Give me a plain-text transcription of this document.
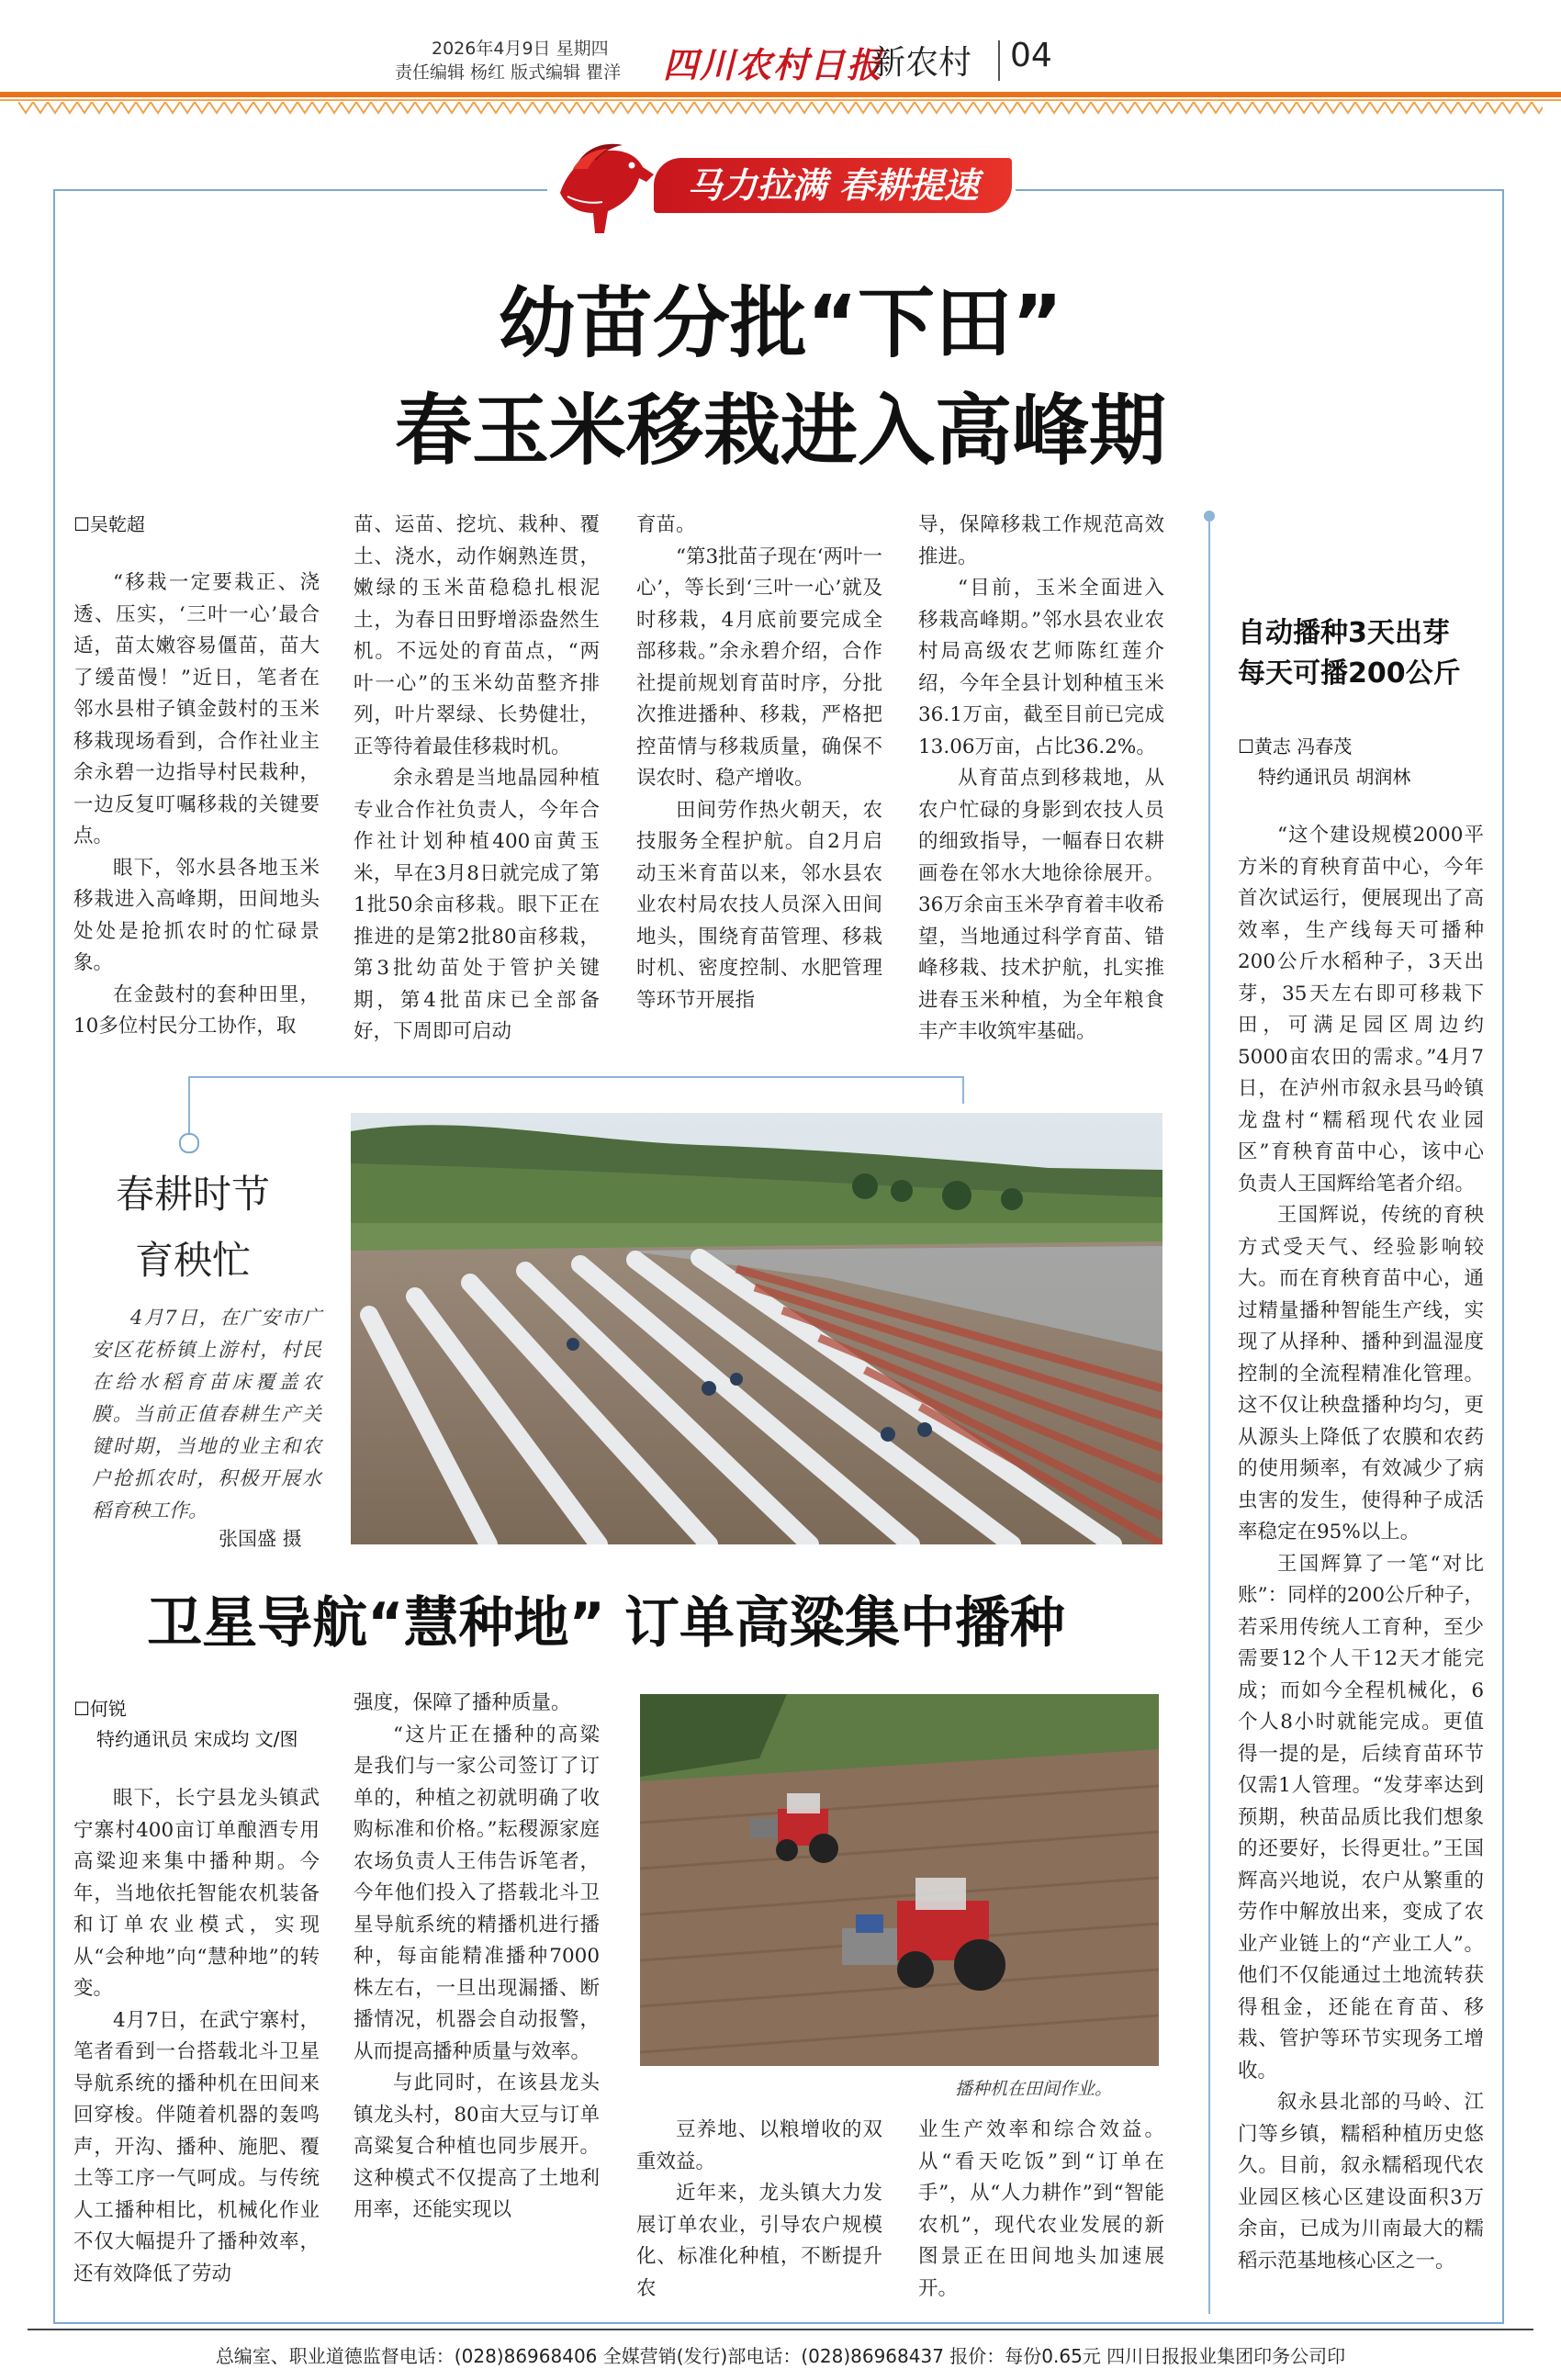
2026年4月9日 星期四
责任编辑 杨红 版式编辑 瞿洋 四川农村日报
新农村 04
马力拉满 春耕提速
幼苗分批“下田”
春玉米移栽进入高峰期
☐吴乾超

“移栽一定要栽正、浇透、压实，‘三叶一心’最合适，苗太嫩容易僵苗，苗大了缓苗慢！”近日，笔者在邻水县柑子镇金鼓村的玉米移栽现场看到，合作社业主余永碧一边指导村民栽种，一边反复叮嘱移栽的关键要点。

眼下，邻水县各地玉米移栽进入高峰期，田间地头处处是抢抓农时的忙碌景象。

在金鼓村的套种田里，10多位村民分工协作，取

苗、运苗、挖坑、栽种、覆土、浇水，动作娴熟连贯，嫩绿的玉米苗稳稳扎根泥土，为春日田野增添盎然生机。不远处的育苗点，“两叶一心”的玉米幼苗整齐排列，叶片翠绿、长势健壮，正等待着最佳移栽时机。

余永碧是当地晶园种植专业合作社负责人，今年合作社计划种植400亩黄玉米，早在3月8日就完成了第1批50余亩移栽。眼下正在推进的是第2批80亩移栽，第3批幼苗处于管护关键期，第4批苗床已全部备好，下周即可启动

育苗。

“第3批苗子现在‘两叶一心’，等长到‘三叶一心’就及时移栽，4月底前要完成全部移栽。”余永碧介绍，合作社提前规划育苗时序，分批次推进播种、移栽，严格把控苗情与移栽质量，确保不误农时、稳产增收。

田间劳作热火朝天，农技服务全程护航。自2月启动玉米育苗以来，邻水县农业农村局农技人员深入田间地头，围绕育苗管理、移栽时机、密度控制、水肥管理等环节开展指

导，保障移栽工作规范高效推进。

“目前，玉米全面进入移栽高峰期。”邻水县农业农村局高级农艺师陈红莲介绍，今年全县计划种植玉米36.1万亩，截至目前已完成13.06万亩，占比36.2%。

从育苗点到移栽地，从农户忙碌的身影到农技人员的细致指导，一幅春日农耕画卷在邻水大地徐徐展开。36万余亩玉米孕育着丰收希望，当地通过科学育苗、错峰移栽、技术护航，扎实推进春玉米种植，为全年粮食丰产丰收筑牢基础。

自动播种3天出芽
每天可播200公斤
☐黄志 冯春茂
特约通讯员 胡润林

“这个建设规模2000平方米的育秧育苗中心，今年首次试运行，便展现出了高效率，生产线每天可播种200公斤水稻种子，3天出芽，35天左右即可移栽下田，可满足园区周边约5000亩农田的需求。”4月7日，在泸州市叙永县马岭镇龙盘村“糯稻现代农业园区”育秧育苗中心，该中心负责人王国辉给笔者介绍。

王国辉说，传统的育秧方式受天气、经验影响较大。而在育秧育苗中心，通过精量播种智能生产线，实现了从择种、播种到温湿度控制的全流程精准化管理。这不仅让秧盘播种均匀，更从源头上降低了农膜和农药的使用频率，有效减少了病虫害的发生，使得种子成活率稳定在95%以上。

王国辉算了一笔“对比账”：同样的200公斤种子，若采用传统人工育种，至少需要12个人干12天才能完成；而如今全程机械化，6个人8小时就能完成。更值得一提的是，后续育苗环节仅需1人管理。“发芽率达到预期，秧苗品质比我们想象的还要好，长得更壮。”王国辉高兴地说，农户从繁重的劳作中解放出来，变成了农业产业链上的“产业工人”。他们不仅能通过土地流转获得租金，还能在育苗、移栽、管护等环节实现务工增收。

叙永县北部的马岭、江门等乡镇，糯稻种植历史悠久。目前，叙永糯稻现代农业园区核心区建设面积3万余亩，已成为川南最大的糯稻示范基地核心区之一。

春耕时节
育秧忙
4月7日，在广安市广安区花桥镇上游村，村民在给水稻育苗床覆盖农膜。当前正值春耕生产关键时期，当地的业主和农户抢抓农时，积极开展水稻育秧工作。
张国盛 摄
卫星导航“慧种地” 订单高粱集中播种
☐何锐
特约通讯员 宋成均 文/图

眼下，长宁县龙头镇武宁寨村400亩订单酿酒专用高粱迎来集中播种期。今年，当地依托智能农机装备和订单农业模式，实现从“会种地”向“慧种地”的转变。

4月7日，在武宁寨村，笔者看到一台搭载北斗卫星导航系统的播种机在田间来回穿梭。伴随着机器的轰鸣声，开沟、播种、施肥、覆土等工序一气呵成。与传统人工播种相比，机械化作业不仅大幅提升了播种效率，还有效降低了劳动

强度，保障了播种质量。

“这片正在播种的高粱是我们与一家公司签订了订单的，种植之初就明确了收购标准和价格。”耘稷源家庭农场负责人王伟告诉笔者，今年他们投入了搭载北斗卫星导航系统的精播机进行播种，每亩能精准播种7000株左右，一旦出现漏播、断播情况，机器会自动报警，从而提高播种质量与效率。

与此同时，在该县龙头镇龙头村，80亩大豆与订单高粱复合种植也同步展开。这种模式不仅提高了土地利用率，还能实现以

播种机在田间作业。

豆养地、以粮增收的双重效益。

近年来，龙头镇大力发展订单农业，引导农户规模化、标准化种植，不断提升农

业生产效率和综合效益。从“看天吃饭”到“订单在手”，从“人力耕作”到“智能农机”，现代农业发展的新图景正在田间地头加速展开。

总编室、职业道德监督电话：(028)86968406 全媒营销(发行)部电话：(028)86968437 报价：每份0.65元 四川日报报业集团印务公司印
